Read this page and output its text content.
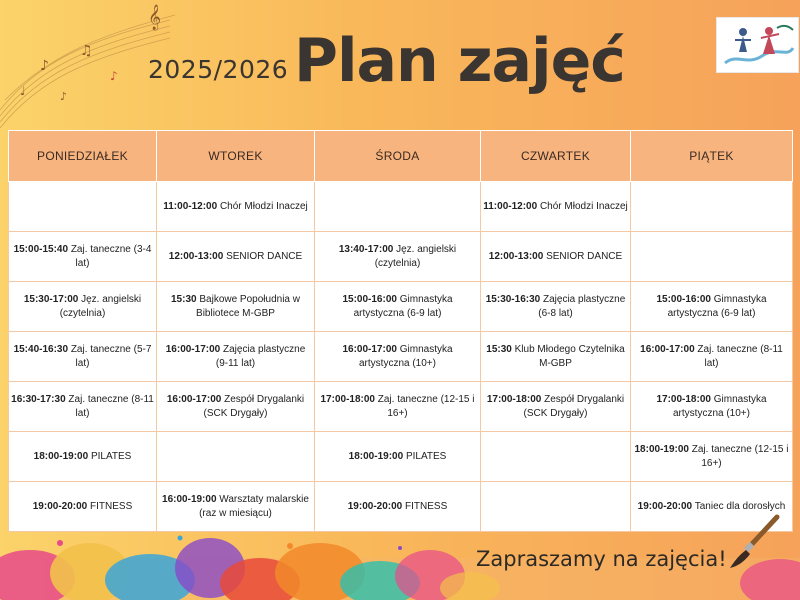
𝄞
♪
♫
♪
♩	♪
2025/2026 Plan zajęć
PONIEDZIAŁEK	WTOREK	ŚRODA	CZWARTEK	PIĄTEK
	11:00-12:00 Chór Młodzi Inaczej		11:00-12:00 Chór Młodzi Inaczej	
15:00-15:40 Zaj. taneczne (3-4 lat)	12:00-13:00 SENIOR DANCE	13:40-17:00 Jęz. angielski (czytelnia)	12:00-13:00 SENIOR DANCE	
15:30-17:00 Jęz. angielski (czytelnia)	15:30 Bajkowe Popołudnia w Bibliotece M-GBP	15:00-16:00 Gimnastyka artystyczna (6-9 lat)	15:30-16:30 Zajęcia plastyczne (6-8 lat)	15:00-16:00 Gimnastyka artystyczna (6-9 lat)
15:40-16:30 Zaj. taneczne (5-7 lat)	16:00-17:00 Zajęcia plastyczne (9-11 lat)	16:00-17:00 Gimnastyka artystyczna (10+)	15:30 Klub Młodego Czytelnika M-GBP	16:00-17:00 Zaj. taneczne (8-11 lat)
16:30-17:30 Zaj. taneczne (8-11 lat)	16:00-17:00 Zespół Drygalanki (SCK Drygały)	17:00-18:00 Zaj. taneczne (12-15 i 16+)	17:00-18:00 Zespół Drygalanki (SCK Drygały)	17:00-18:00 Gimnastyka artystyczna (10+)
18:00-19:00 PILATES		18:00-19:00 PILATES		18:00-19:00 Zaj. taneczne (12-15 i 16+)
19:00-20:00 FITNESS	16:00-19:00 Warsztaty malarskie (raz w miesiącu)	19:00-20:00 FITNESS		19:00-20:00 Taniec dla dorosłych
Zapraszamy na zajęcia!
